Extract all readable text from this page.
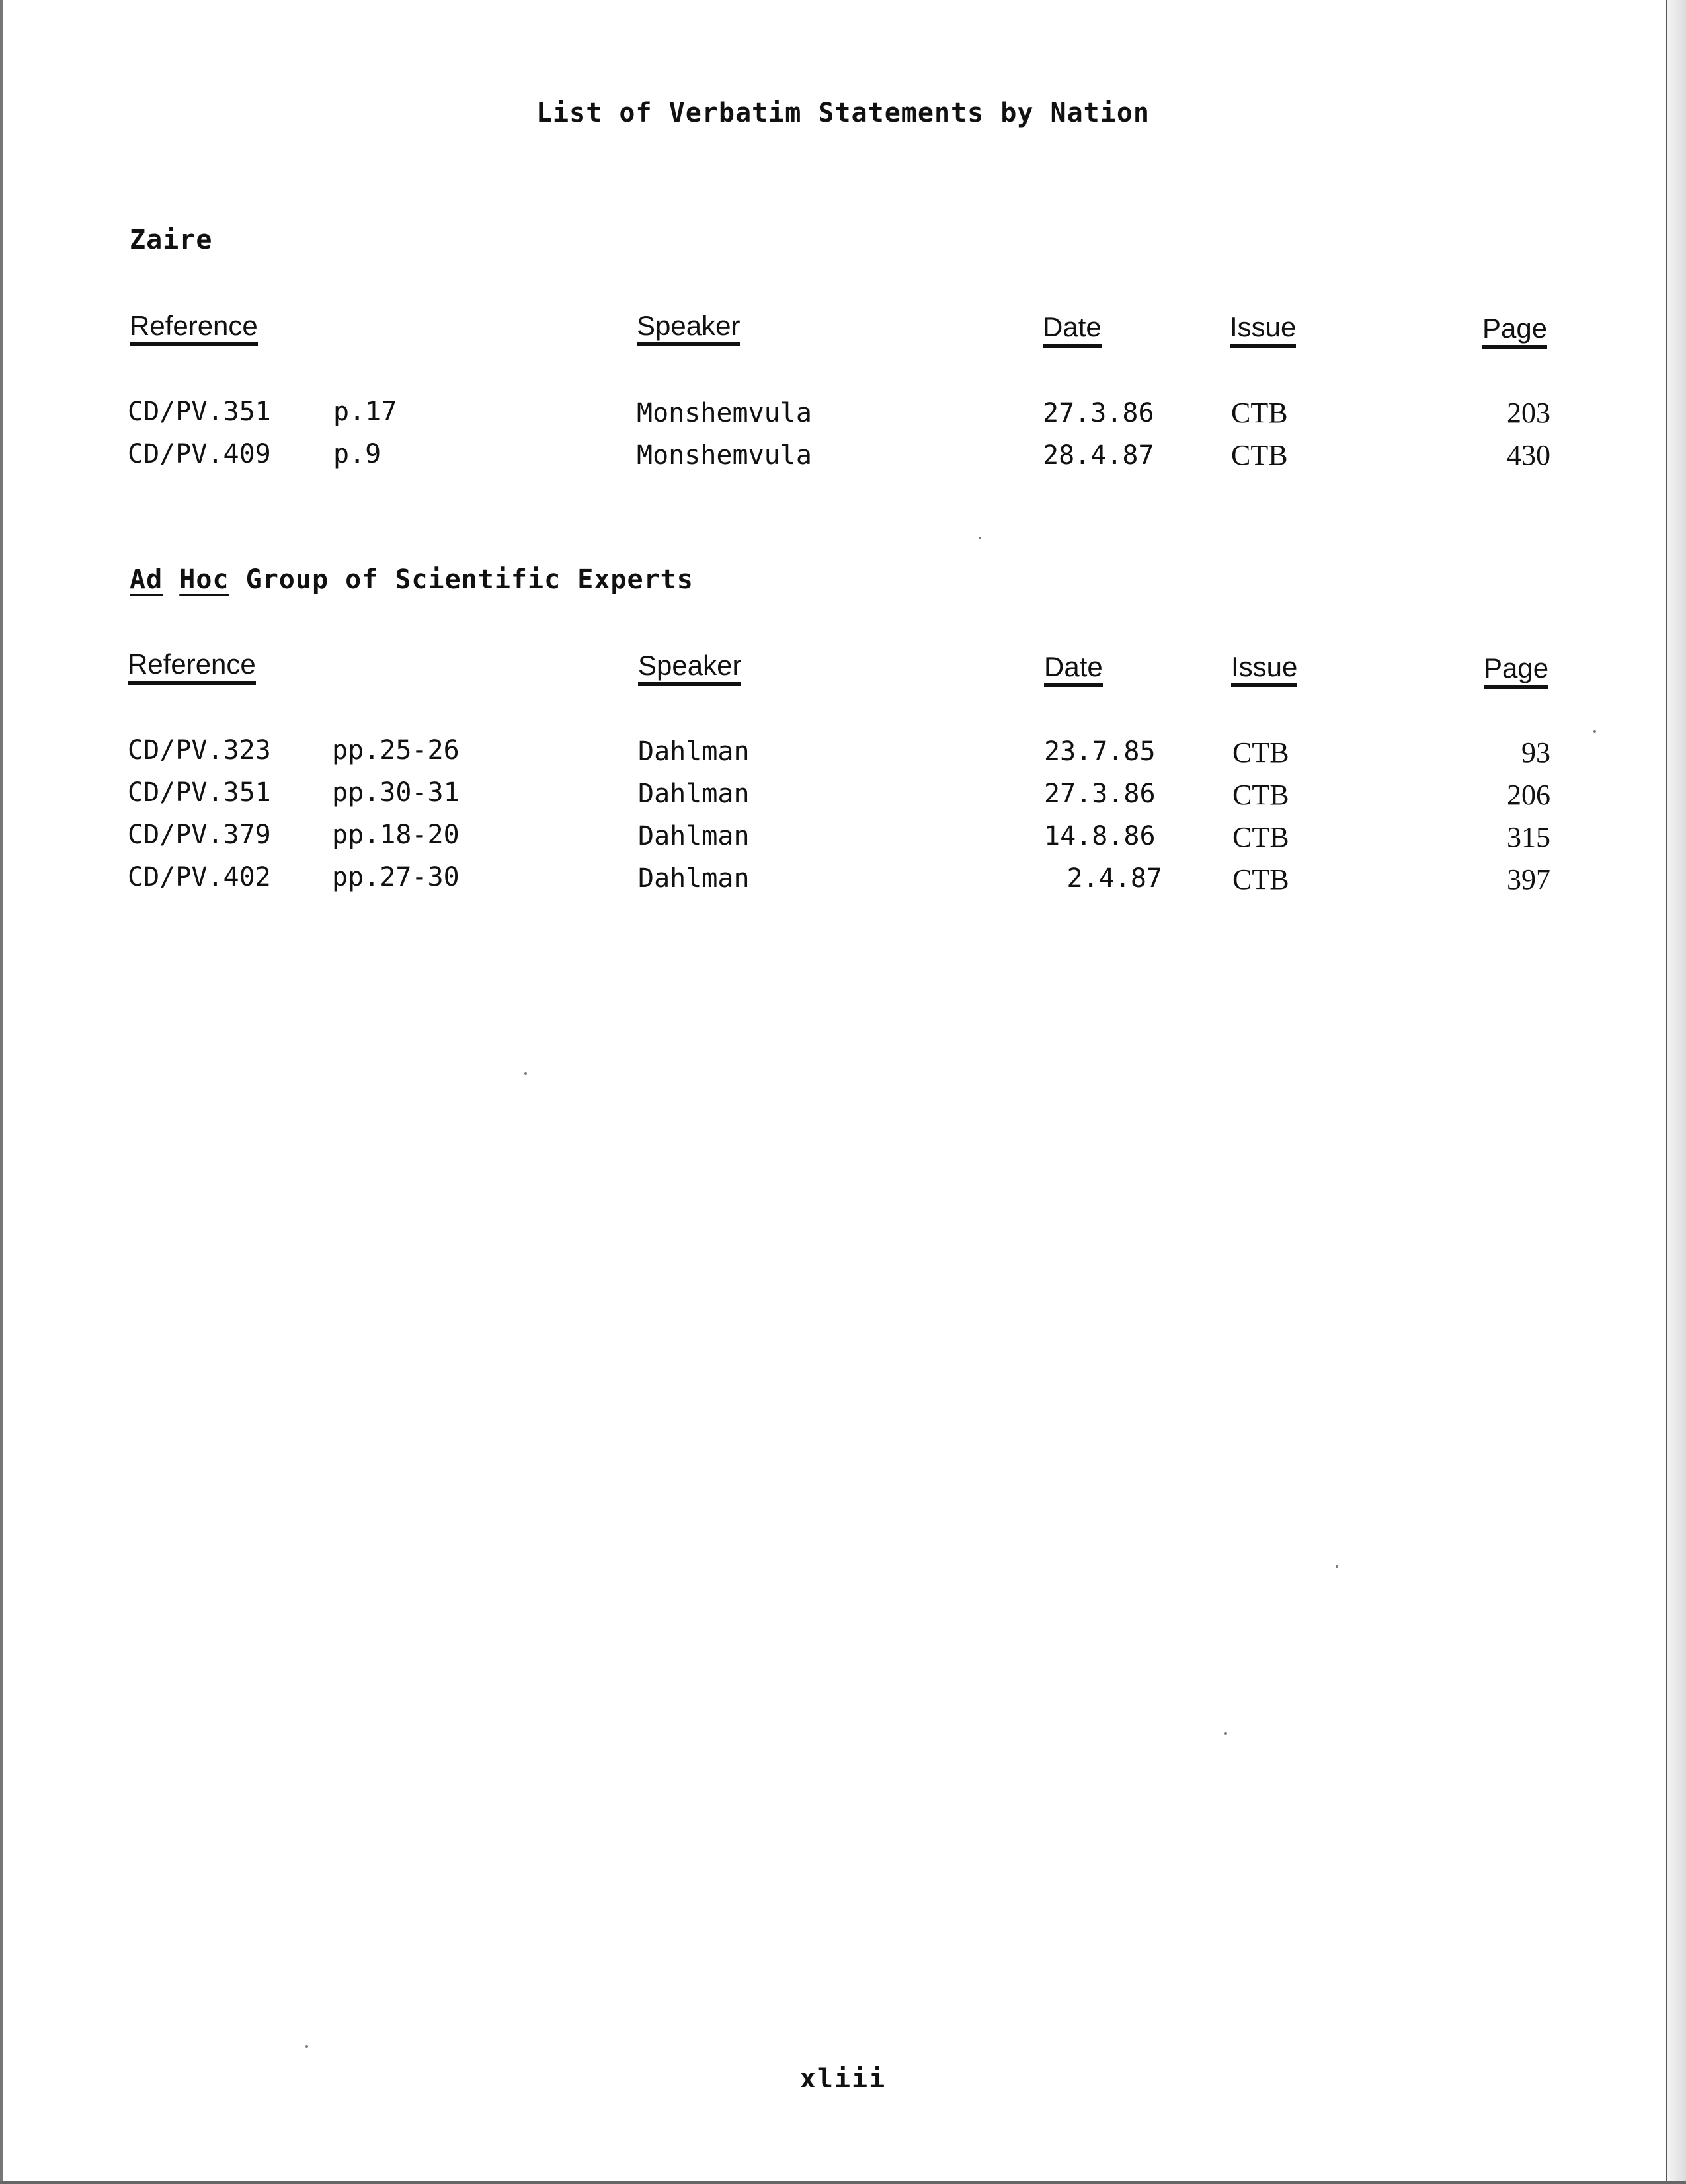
List of Verbatim Statements by Nation
Zaire
Reference	Speaker	Date	Issue	Page
CD/PV.351 p.17	Monshemvula	27.3.86	CTB	203
CD/PV.409 p.9	Monshemvula	28.4.87	CTB	430
Ad Hoc Group of Scientific Experts
Reference	Speaker	Date	Issue	Page
CD/PV.323 pp.25-26	Dahlman	23.7.85	CTB	93
CD/PV.351 pp.30-31	Dahlman	27.3.86	CTB	206
CD/PV.379 pp.18-20	Dahlman	14.8.86	CTB	315
CD/PV.402 pp.27-30	Dahlman	2.4.87 CTB	397
xliii
